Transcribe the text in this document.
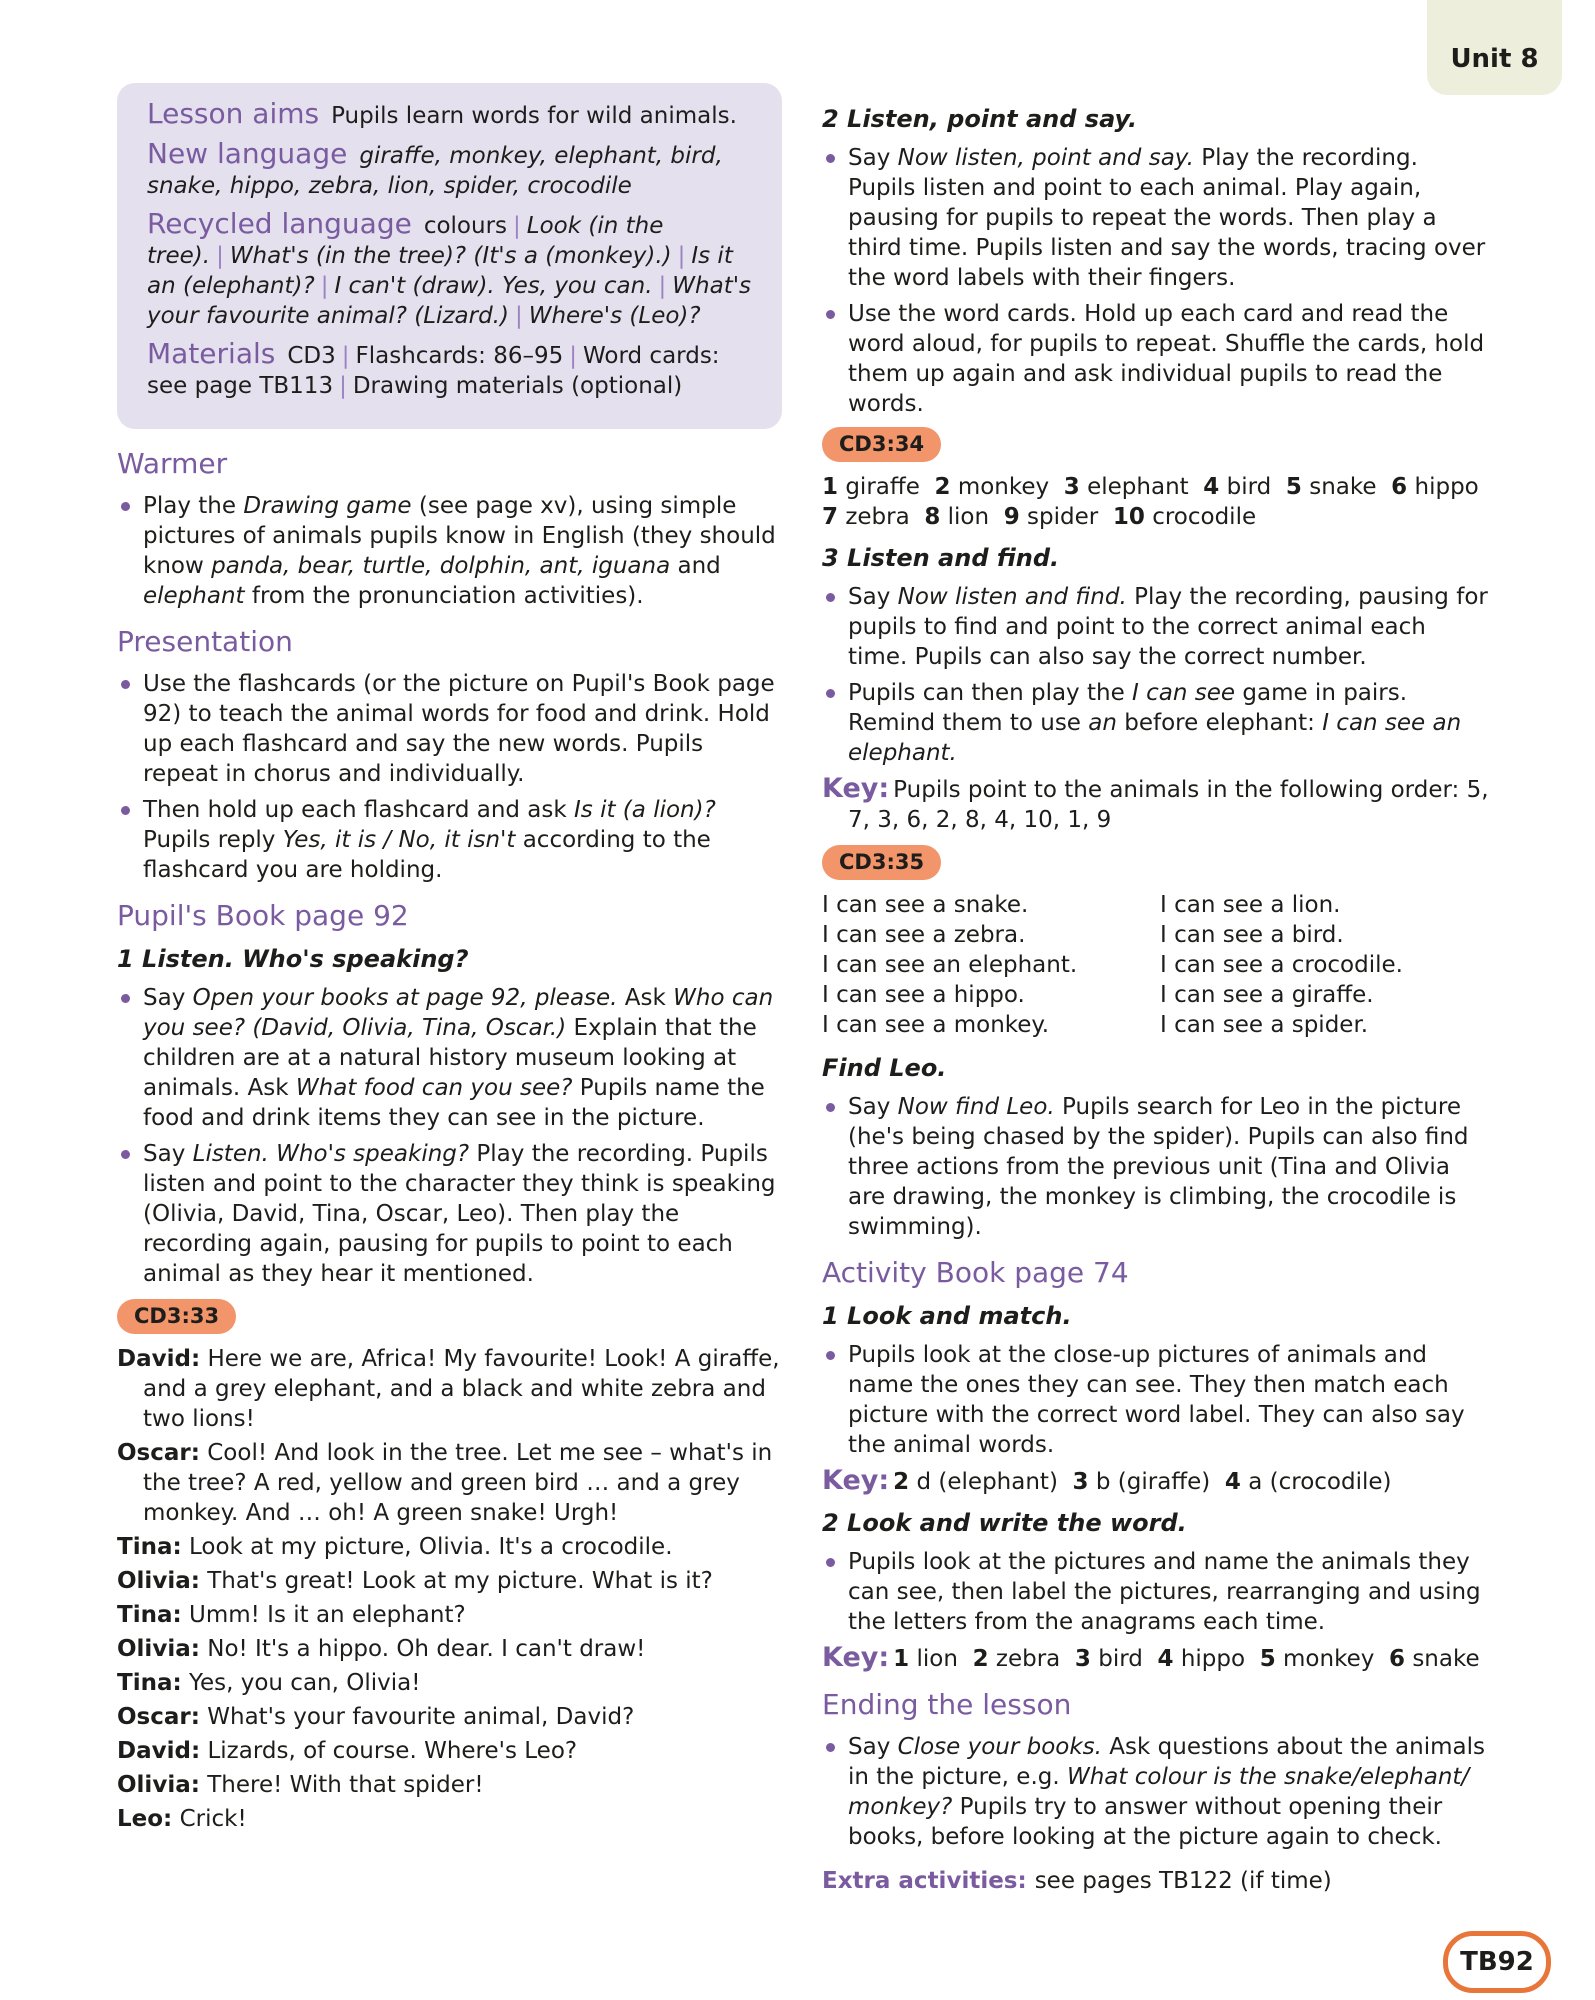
Unit 8

Lesson aims Pupils learn words for wild animals.

New language giraffe, monkey, elephant, bird, snake, hippo, zebra, lion, spider, crocodile

Recycled language colours | Look (in the tree). | What's (in the tree)? (It's a (monkey).) | Is it an (elephant)? | I can't (draw). Yes, you can. | What's your favourite animal? (Lizard.) | Where's (Leo)?

Materials CD3 | Flashcards: 86–95 | Word cards: see page TB113 | Drawing materials (optional)

Warmer
Play the Drawing game (see page xv), using simple pictures of animals pupils know in English (they should know panda, bear, turtle, dolphin, ant, iguana and elephant from the pronunciation activities).
Presentation
Use the flashcards (or the picture on Pupil's Book page 92) to teach the animal words for food and drink. Hold up each flashcard and say the new words. Pupils repeat in chorus and individually.
Then hold up each flashcard and ask Is it (a lion)? Pupils reply Yes, it is / No, it isn't according to the flashcard you are holding.
Pupil's Book page 92
1 Listen. Who's speaking?
Say Open your books at page 92, please. Ask Who can you see? (David, Olivia, Tina, Oscar.) Explain that the children are at a natural history museum looking at animals. Ask What food can you see? Pupils name the food and drink items they can see in the picture.
Say Listen. Who's speaking? Play the recording. Pupils listen and point to the character they think is speaking (Olivia, David, Tina, Oscar, Leo). Then play the recording again, pausing for pupils to point to each animal as they hear it mentioned.
CD3:33

David: Here we are, Africa! My favourite! Look! A giraffe, and a grey elephant, and a black and white zebra and two lions!

Oscar: Cool! And look in the tree. Let me see – what's in the tree? A red, yellow and green bird … and a grey monkey. And … oh! A green snake! Urgh!

Tina: Look at my picture, Olivia. It's a crocodile.

Olivia: That's great! Look at my picture. What is it?

Tina: Umm! Is it an elephant?

Olivia: No! It's a hippo. Oh dear. I can't draw!

Tina: Yes, you can, Olivia!

Oscar: What's your favourite animal, David?

David: Lizards, of course. Where's Leo?

Olivia: There! With that spider!

Leo: Crick!

2 Listen, point and say.
Say Now listen, point and say. Play the recording. Pupils listen and point to each animal. Play again, pausing for pupils to repeat the words. Then play a third time. Pupils listen and say the words, tracing over the word labels with their fingers.
Use the word cards. Hold up each card and read the word aloud, for pupils to repeat. Shuffle the cards, hold them up again and ask individual pupils to read the words.
CD3:34
1 giraffe 2 monkey 3 elephant 4 bird 5 snake 6 hippo
7 zebra 8 lion 9 spider 10 crocodile
3 Listen and find.
Say Now listen and find. Play the recording, pausing for pupils to find and point to the correct animal each time. Pupils can also say the correct number.
Pupils can then play the I can see game in pairs. Remind them to use an before elephant: I can see an elephant.

Key: Pupils point to the animals in the following order: 5, 7, 3, 6, 2, 8, 4, 10, 1, 9

CD3:35
I can see a snake.
I can see a zebra.
I can see an elephant.
I can see a hippo.
I can see a monkey.
I can see a lion.
I can see a bird.
I can see a crocodile.
I can see a giraffe.
I can see a spider.
Find Leo.
Say Now find Leo. Pupils search for Leo in the picture (he's being chased by the spider). Pupils can also find three actions from the previous unit (Tina and Olivia are drawing, the monkey is climbing, the crocodile is swimming).
Activity Book page 74
1 Look and match.
Pupils look at the close-up pictures of animals and name the ones they can see. They then match each picture with the correct word label. They can also say the animal words.

Key: 2 d (elephant) 3 b (giraffe) 4 a (crocodile)

2 Look and write the word.
Pupils look at the pictures and name the animals they can see, then label the pictures, rearranging and using the letters from the anagrams each time.

Key: 1 lion 2 zebra 3 bird 4 hippo 5 monkey 6 snake

Ending the lesson
Say Close your books. Ask questions about the animals in the picture, e.g. What colour is the snake/elephant/ monkey? Pupils try to answer without opening their books, before looking at the picture again to check.

Extra activities: see pages TB122 (if time)

TB92
